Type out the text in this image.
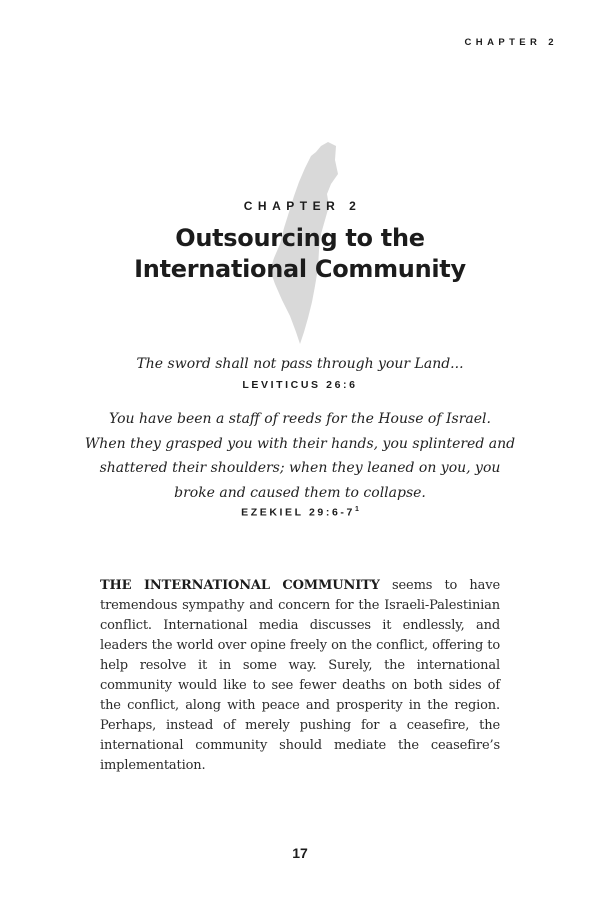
CHAPTER 2
CHAPTER 2
Outsourcing to the
International Community

The sword shall not pass through your Land...

LEVITICUS 26:6

You have been a staff of reeds for the House of Israel.
When they grasped you with their hands, you splintered and
shattered their shoulders; when they leaned on you, you
broke and caused them to collapse.

EZEKIEL $29:6-7^1$

THE INTERNATIONAL COMMUNITY seems to have tremendous sympathy and concern for the Israeli-Palestinian conflict. International media discusses it endlessly, and leaders the world over opine freely on the conflict, offering to help resolve it in some way. Surely, the international community would like to see fewer deaths on both sides of the conflict, along with peace and prosperity in the region. Perhaps, instead of merely pushing for a ceasefire, the international community should mediate the ceasefire’s implementation.

17
